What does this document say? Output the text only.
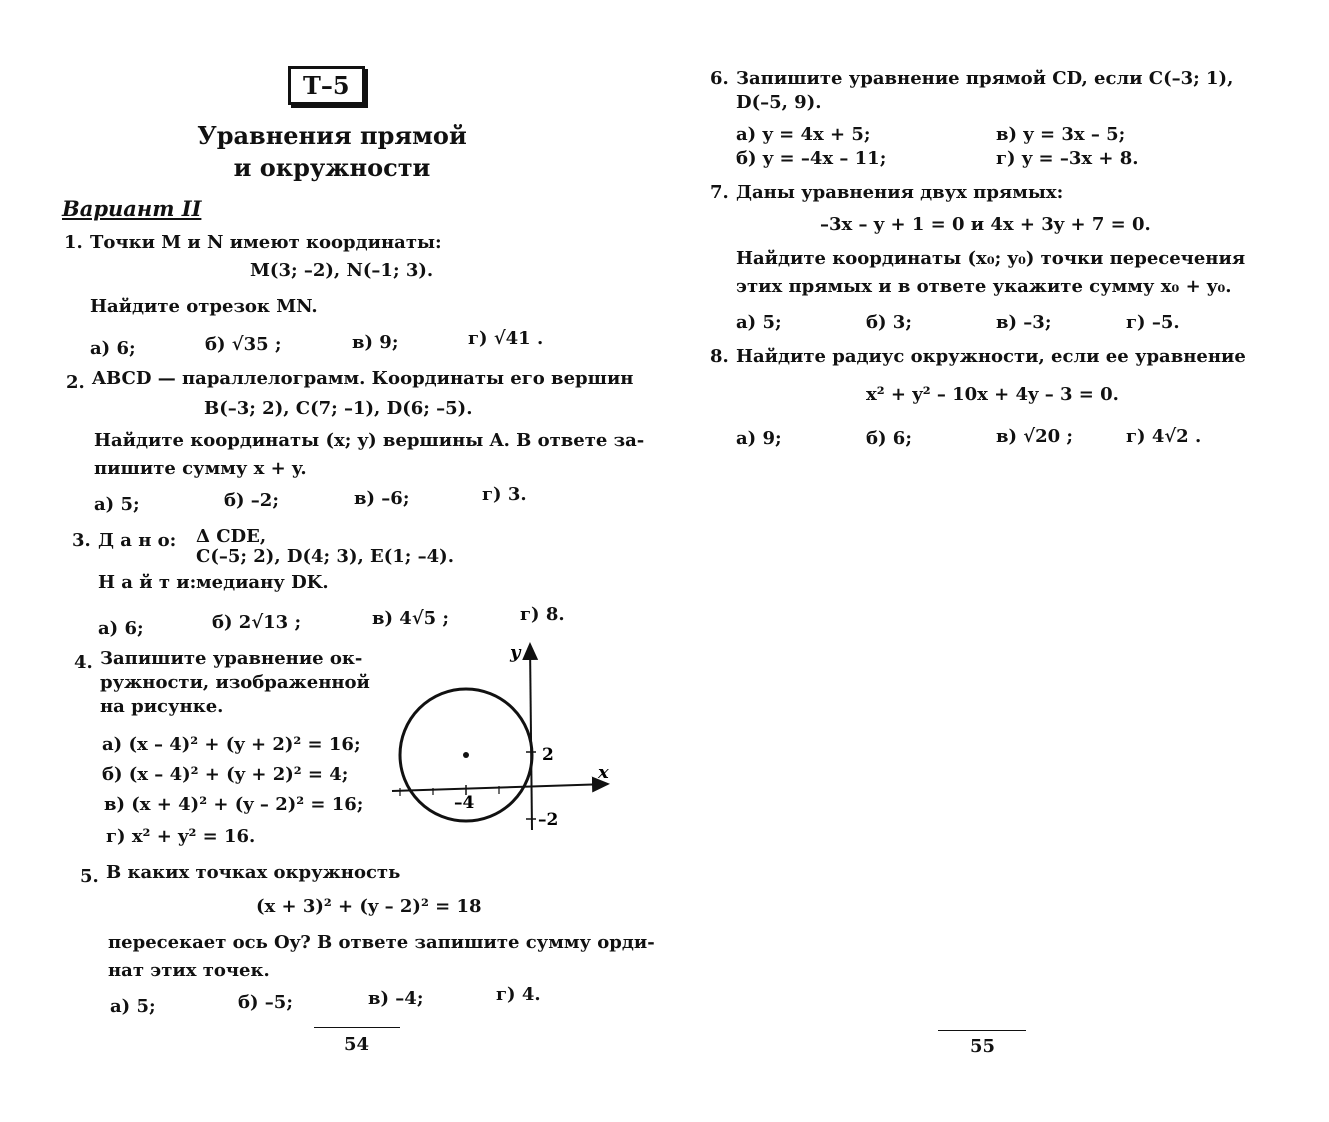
Т–5
Уравнения прямой
и окружности
Вариант II
1. Точки M и N имеют координаты:
M(3; –2), N(–1; 3).
Найдите отрезок MN.
а) 6;	б) √35 ;	в) 9;	г) √41 .
2. ABCD — параллелограмм. Координаты его вершин
B(–3; 2), C(7; –1), D(6; –5).
Найдите координаты (x; y) вершины A. В ответе за-
пишите сумму x + y.
а) 5;	б) –2;	в) –6;	г) 3.
3. Д а н о: Δ CDE,
C(–5; 2), D(4; 3), E(1; –4).
Н а й т и: медиану DK.
а) 6;	б) 2√13 ;	в) 4√5 ;	г) 8.
4. Запишите уравнение ок-
ружности, изображенной
на рисунке.
а) (x – 4)² + (y + 2)² = 16;
б) (x – 4)² + (y + 2)² = 4;
в) (x + 4)² + (y – 2)² = 16;
г) x² + y² = 16.
y
x
2
–2
–4
5. В каких точках окружность
(x + 3)² + (y – 2)² = 18
пересекает ось Oy? В ответе запишите сумму орди-
нат этих точек.
а) 5;	б) –5;	в) –4;	г) 4.
54
6. Запишите уравнение прямой CD, если C(–3; 1),
D(–5, 9).
а) y = 4x + 5;	в) y = 3x – 5;
б) y = –4x – 11;	г) y = –3x + 8.
7. Даны уравнения двух прямых:
–3x – y + 1 = 0 и 4x + 3y + 7 = 0.
Найдите координаты (x₀; y₀) точки пересечения
этих прямых и в ответе укажите сумму x₀ + y₀.
а) 5;	б) 3;	в) –3;	г) –5.
8. Найдите радиус окружности, если ее уравнение
x² + y² – 10x + 4y – 3 = 0.
а) 9;	б) 6;	в) √20 ;	г) 4√2 .
55
